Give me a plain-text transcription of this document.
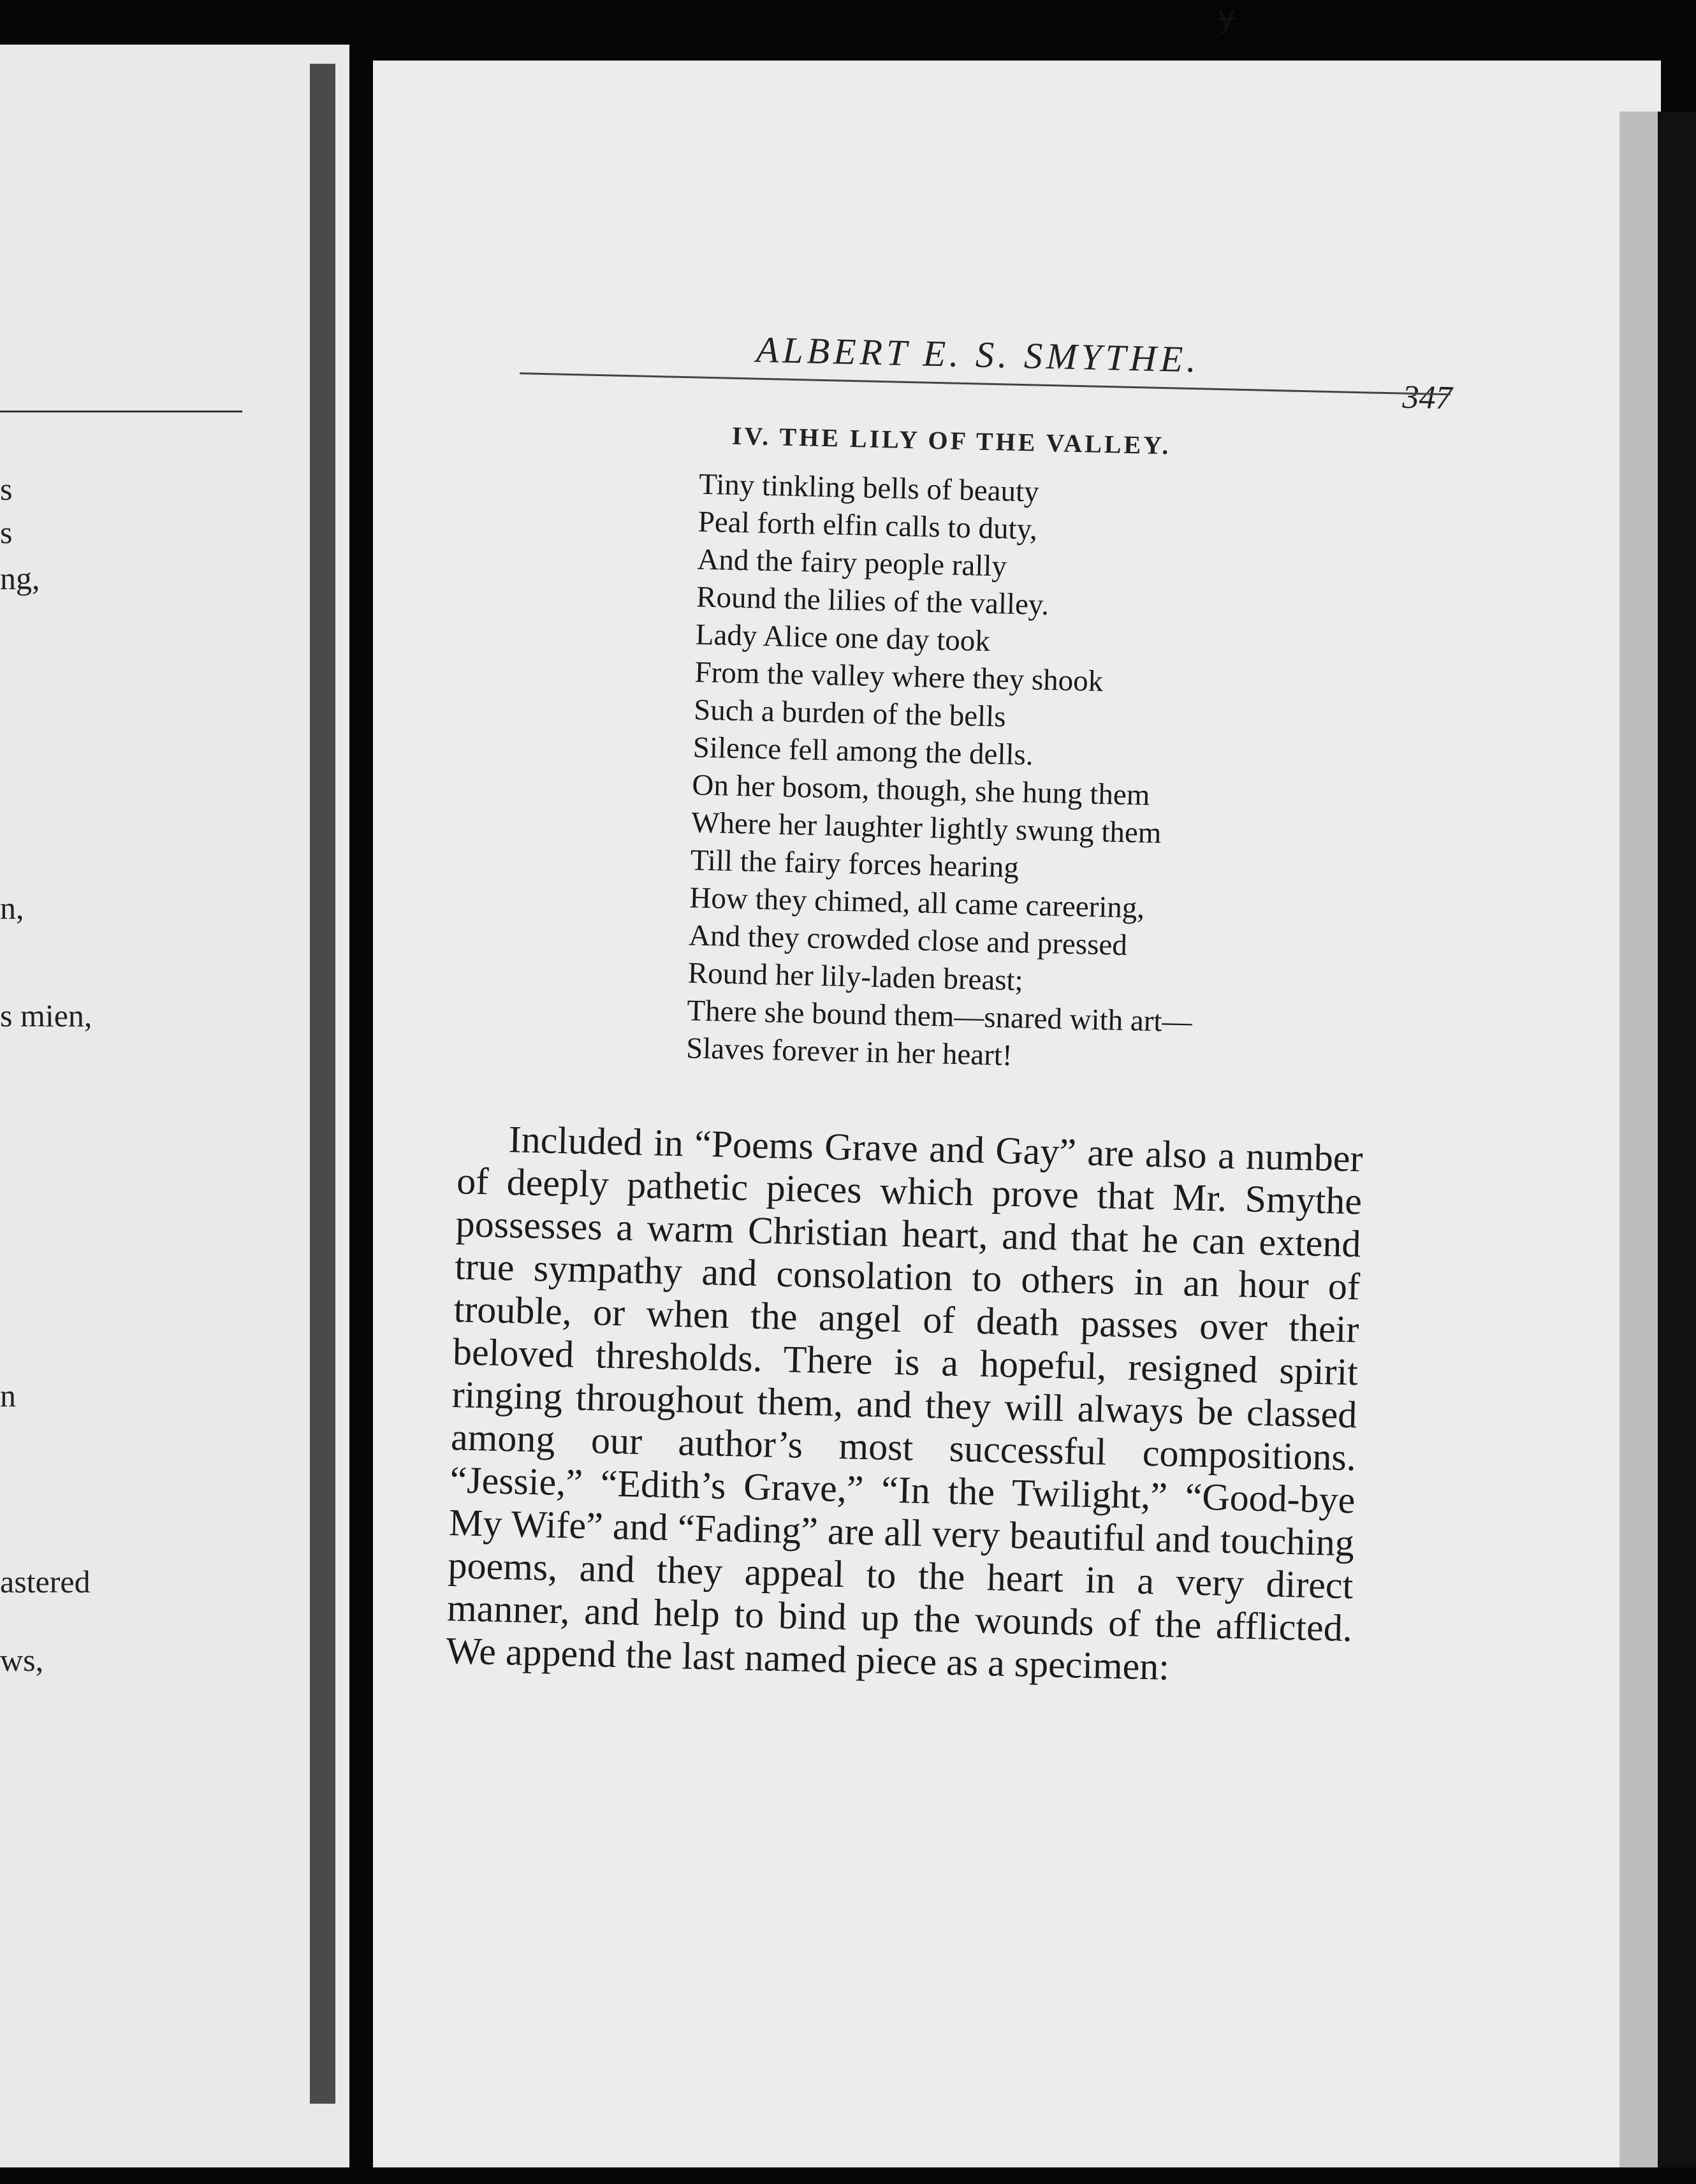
s
s
ng,
n,
s mien,
n
astered
ws,
ɏ
ALBERT E. S. SMYTHE.
347
IV. THE LILY OF THE VALLEY.
Tiny tinkling bells of beauty
Peal forth elfin calls to duty,
And the fairy people rally
Round the lilies of the valley.
Lady Alice one day took
From the valley where they shook
Such a burden of the bells
Silence fell among the dells.
On her bosom, though, she hung them
Where her laughter lightly swung them
Till the fairy forces hearing
How they chimed, all came careering,
And they crowded close and pressed
Round her lily-laden breast;
There she bound them—snared with art—
Slaves forever in her heart!

Included in “Poems Grave and Gay” are also a number of deeply pathetic pieces which prove that Mr. Smythe possesses a warm Christian heart, and that he can extend true sympathy and consolation to others in an hour of trouble, or when the angel of death passes over their beloved thresholds. There is a hopeful, resigned spirit ringing throughout them, and they will always be classed among our author’s most successful compositions. “Jessie,” “Edith’s Grave,” “In the Twilight,” “Good-bye My Wife” and “Fading” are all very beautiful and touching poems, and they appeal to the heart in a very direct manner, and help to bind up the wounds of the afflicted. We append the last named piece as a specimen:
